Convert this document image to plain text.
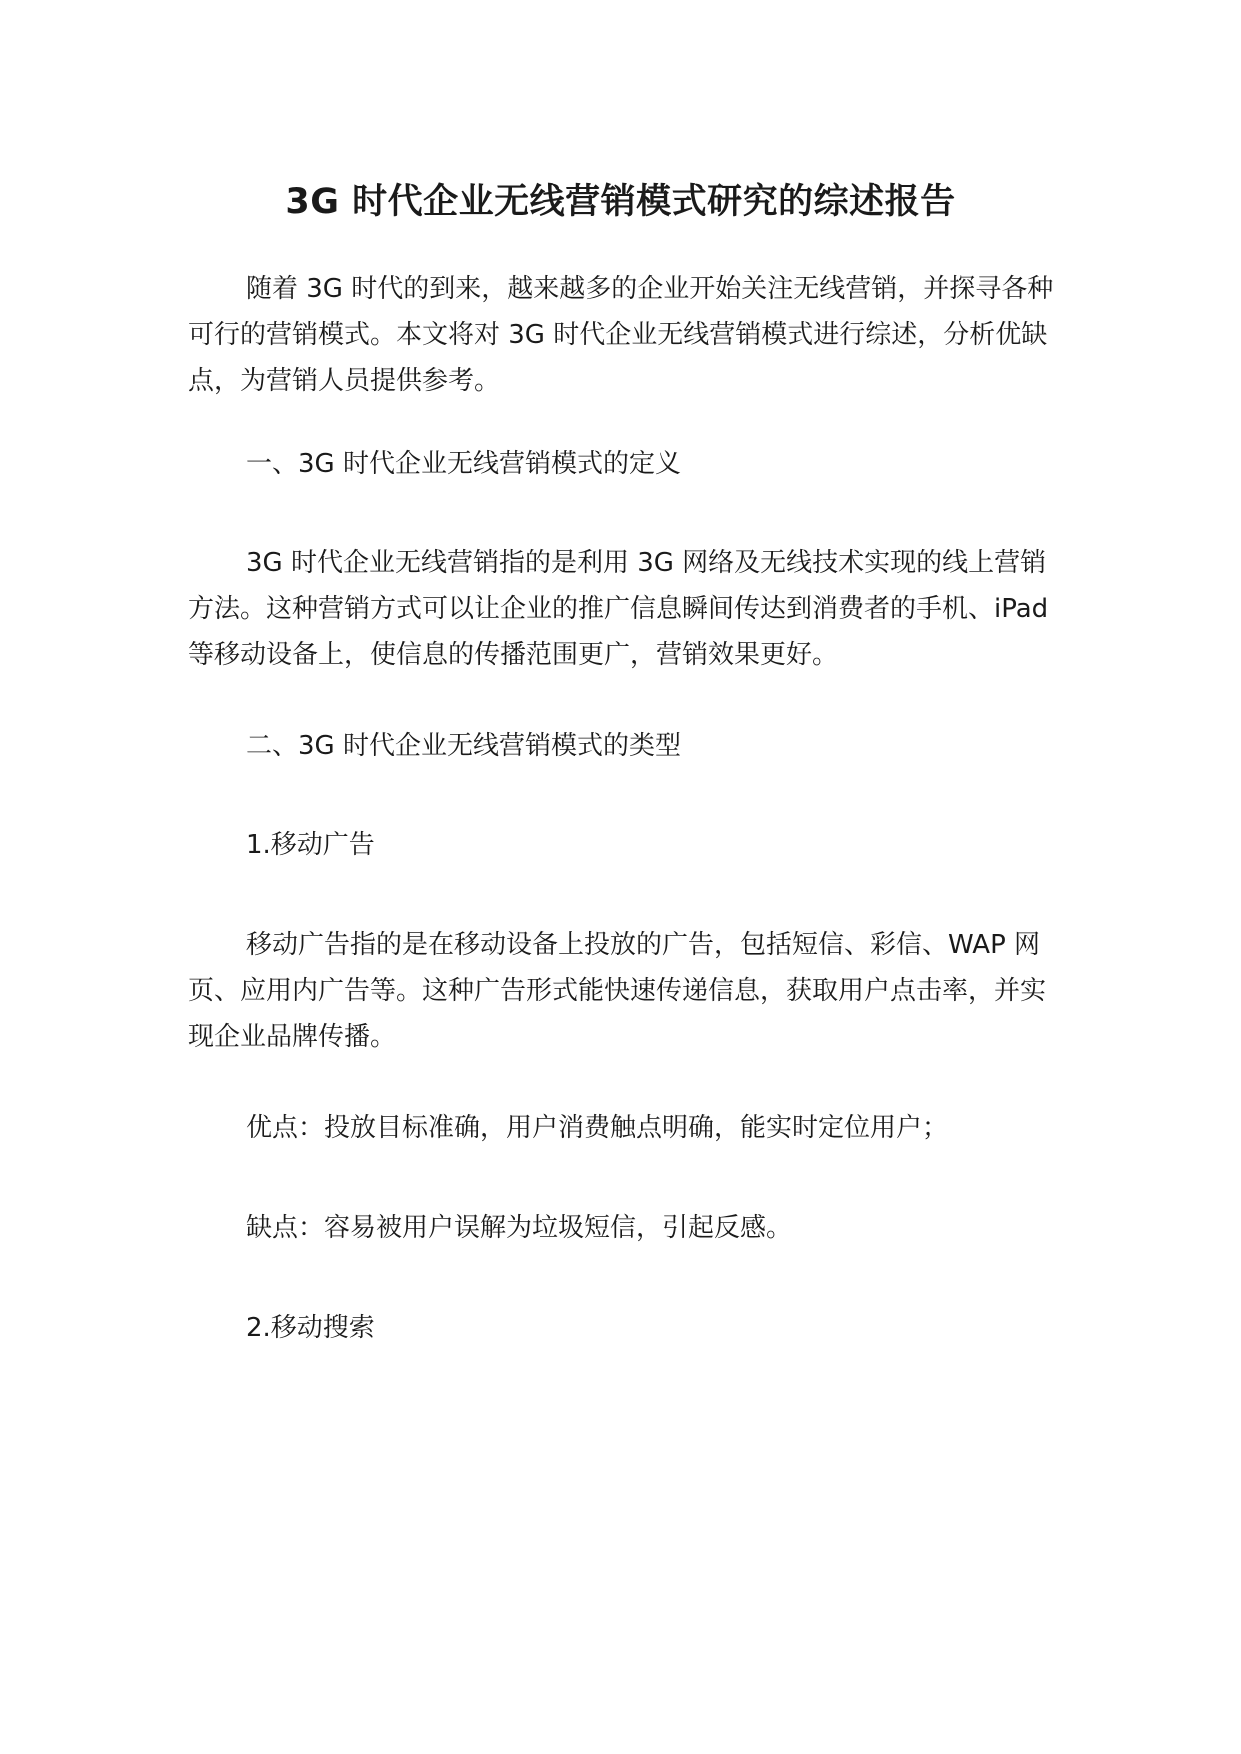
3G 时代企业无线营销模式研究的综述报告
随着 3G 时代的到来，越来越多的企业开始关注无线营销，并探寻各种可行的营销模式。本文将对 3G 时代企业无线营销模式进行综述，分析优缺点，为营销人员提供参考。
一、3G 时代企业无线营销模式的定义
3G 时代企业无线营销指的是利用 3G 网络及无线技术实现的线上营销方法。这种营销方式可以让企业的推广信息瞬间传达到消费者的手机、iPad 等移动设备上，使信息的传播范围更广，营销效果更好。
二、3G 时代企业无线营销模式的类型
1.移动广告
移动广告指的是在移动设备上投放的广告，包括短信、彩信、WAP 网页、应用内广告等。这种广告形式能快速传递信息，获取用户点击率，并实现企业品牌传播。
优点：投放目标准确，用户消费触点明确，能实时定位用户；
缺点：容易被用户误解为垃圾短信，引起反感。
2.移动搜索
